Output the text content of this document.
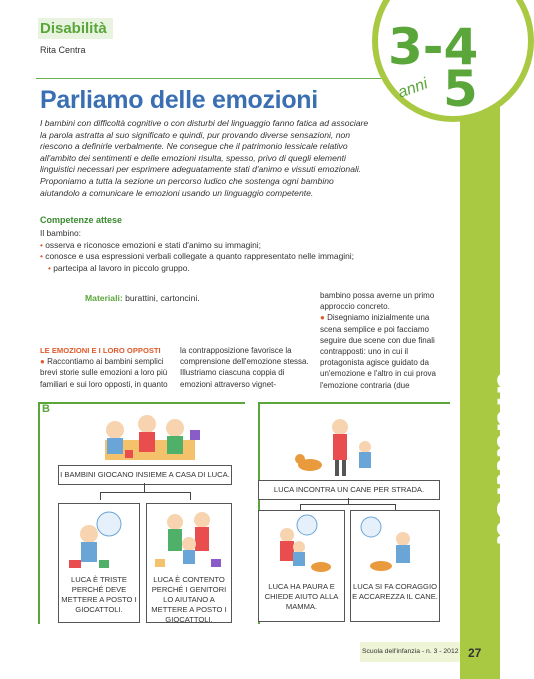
3-4
5
anni
didattica
Disabilità
Rita Centra
Parliamo delle emozioni
I bambini con difficoltà cognitive o con disturbi del linguaggio fanno fatica ad associare la parola astratta al suo significato e quindi, pur provando diverse sensazioni, non riescono a definirle verbalmente. Ne consegue che il patrimonio lessicale relativo all'ambito dei sentimenti e delle emozioni risulta, spesso, privo di quegli elementi linguistici necessari per esprimere adeguatamente stati d'animo e vissuti emozionali. Proponiamo a tutta la sezione un percorso ludico che sostenga ogni bambino aiutandolo a comunicare le emozioni usando un linguaggio competente.
Competenze attese
Il bambino:
• osserva e riconosce emozioni e stati d'animo su immagini;
• conosce e usa espressioni verbali collegate a quanto rappresentato nelle immagini;
• partecipa al lavoro in piccolo gruppo.
Materiali: burattini, cartoncini.
LE EMOZIONI E I LORO OPPOSTI
● Raccontiamo ai bambini semplici brevi storie sulle emozioni a loro più familiari e sui loro opposti, in quanto
la contrapposizione favorisce la comprensione dell'emozione stessa. Illustriamo ciascuna coppia di emozioni attraverso vignet-
bambino possa averne un primo approccio concreto.
● Disegniamo inizialmente una scena semplice e poi facciamo seguire due scene con due finali contrapposti: uno in cui il protagonista agisce guidato da un'emozione e l'altro in cui prova l'emozione contraria (due
B
I BAMBINI GIOCANO INSIEME A CASA DI LUCA.
LUCA È TRISTE PERCHÉ DEVE METTERE A POSTO I GIOCATTOLI.
LUCA È CONTENTO PERCHÉ I GENITORI LO AIUTANO A METTERE A POSTO I GIOCATTOLI.
LUCA INCONTRA UN CANE PER STRADA.
LUCA HA PAURA E CHIEDE AIUTO ALLA MAMMA.
LUCA SI FA CORAGGIO E ACCAREZZA IL CANE.
Scuola dell'infanzia - n. 3 - 2012 27
